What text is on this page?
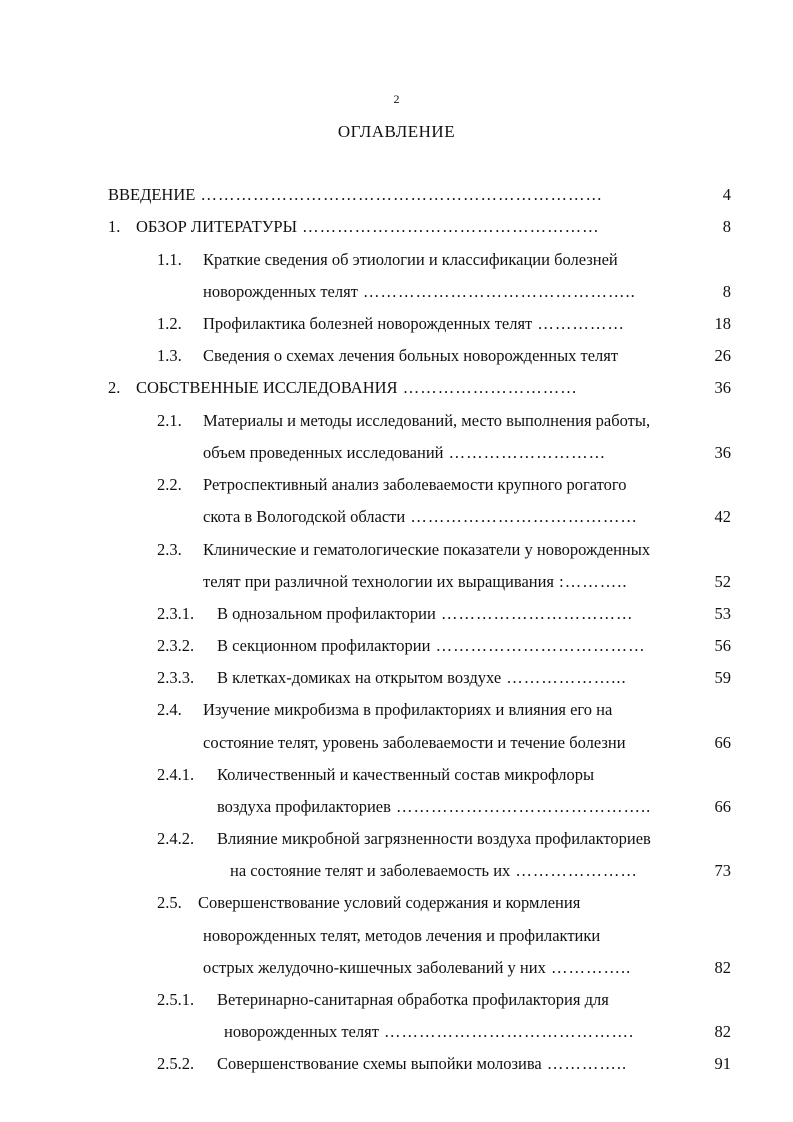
2
ОГЛАВЛЕНИЕ
ВВЕДЕНИЕ ……………………………………………………………	4
1. ОБЗОР ЛИТЕРАТУРЫ ……………………………………………	8
1.1. Краткие сведения об этиологии и классификации болезней
новорожденных телят ………………………………………..	8
1.2. Профилактика болезней новорожденных телят ……………	18
1.3. Сведения о схемах лечения больных новорожденных телят	26
2. СОБСТВЕННЫЕ ИССЛЕДОВАНИЯ …………………………	36
2.1. Материалы и методы исследований, место выполнения работы,
объем проведенных исследований ………………………	36
2.2. Ретроспективный анализ заболеваемости крупного рогатого
скота в Вологодской области …………………………………	42
2.3. Клинические и гематологические показатели у новорожденных
телят при различной технологии их выращивания :………..	52
2.3.1. В однозальном профилактории ……………………………	53
2.3.2. В секционном профилактории ………………………………	56
2.3.3. В клетках-домиках на открытом воздухе ………………...	59
2.4. Изучение микробизма в профилакториях и влияния его на
состояние телят, уровень заболеваемости и течение болезни	66
2.4.1. Количественный и качественный состав микрофлоры
воздуха профилакториев ……………………………………..	66
2.4.2. Влияние микробной загрязненности воздуха профилакториев
на состояние телят и заболеваемость их …………………	73
2.5. Совершенствование условий содержания и кормления
новорожденных телят, методов лечения и профилактики
острых желудочно-кишечных заболеваний у них …………..	82
2.5.1. Ветеринарно-санитарная обработка профилактория для
новорожденных телят …………………………………….	82
2.5.2. Совершенствование схемы выпойки молозива …………..	91
